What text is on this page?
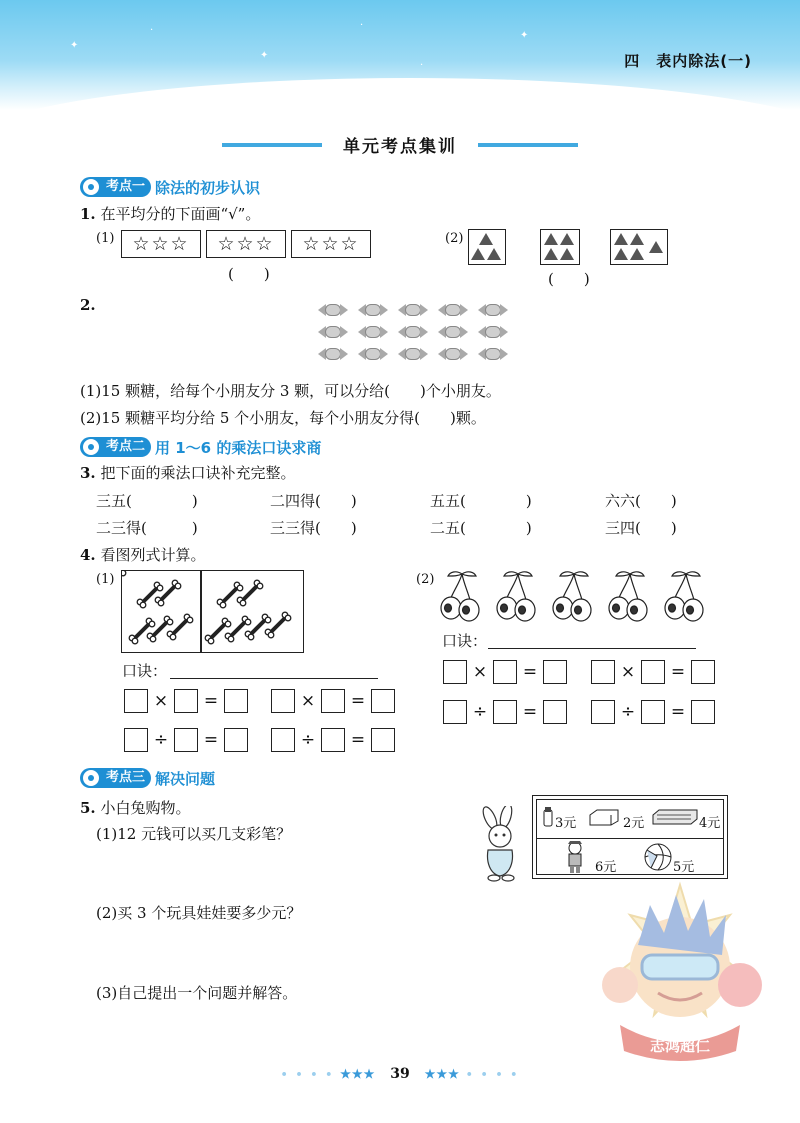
✦
·
✦
·
✦
·	四　表内除法(一)
单元考点集训
考点一 除法的初步认识
1. 在平均分的下面画“√”。
(1) ☆☆☆	☆☆☆	☆☆☆
(　　)
(2)
(　　)
2.
(1)15 颗糖，给每个小朋友分 3 颗，可以分给(　　)个小朋友。
(2)15 颗糖平均分给 5 个小朋友，每个小朋友分得(　　)颗。
考点二 用 1～6 的乘法口诀求商
3. 把下面的乘法口诀补充完整。
三五(　　　　)	二四得(　　)	五五(　　　　)	六六(　　)
二三得(　　　)	三三得(　　)	二五(　　　　)	三四(　　)
4. 看图列式计算。
(1)
口诀：
×	=	×	=
÷	=	÷	=
(2)
口诀：
×	=	×	=
÷	=	÷	=
考点三 解决问题
5. 小白兔购物。
(1)12 元钱可以买几支彩笔？
(2)买 3 个玩具娃娃要多少元？
(3)自己提出一个问题并解答。
3元	2元	4元
6元	5元
志鸿超仁
• • • • ★★★ 39 ★★★ • • • •
